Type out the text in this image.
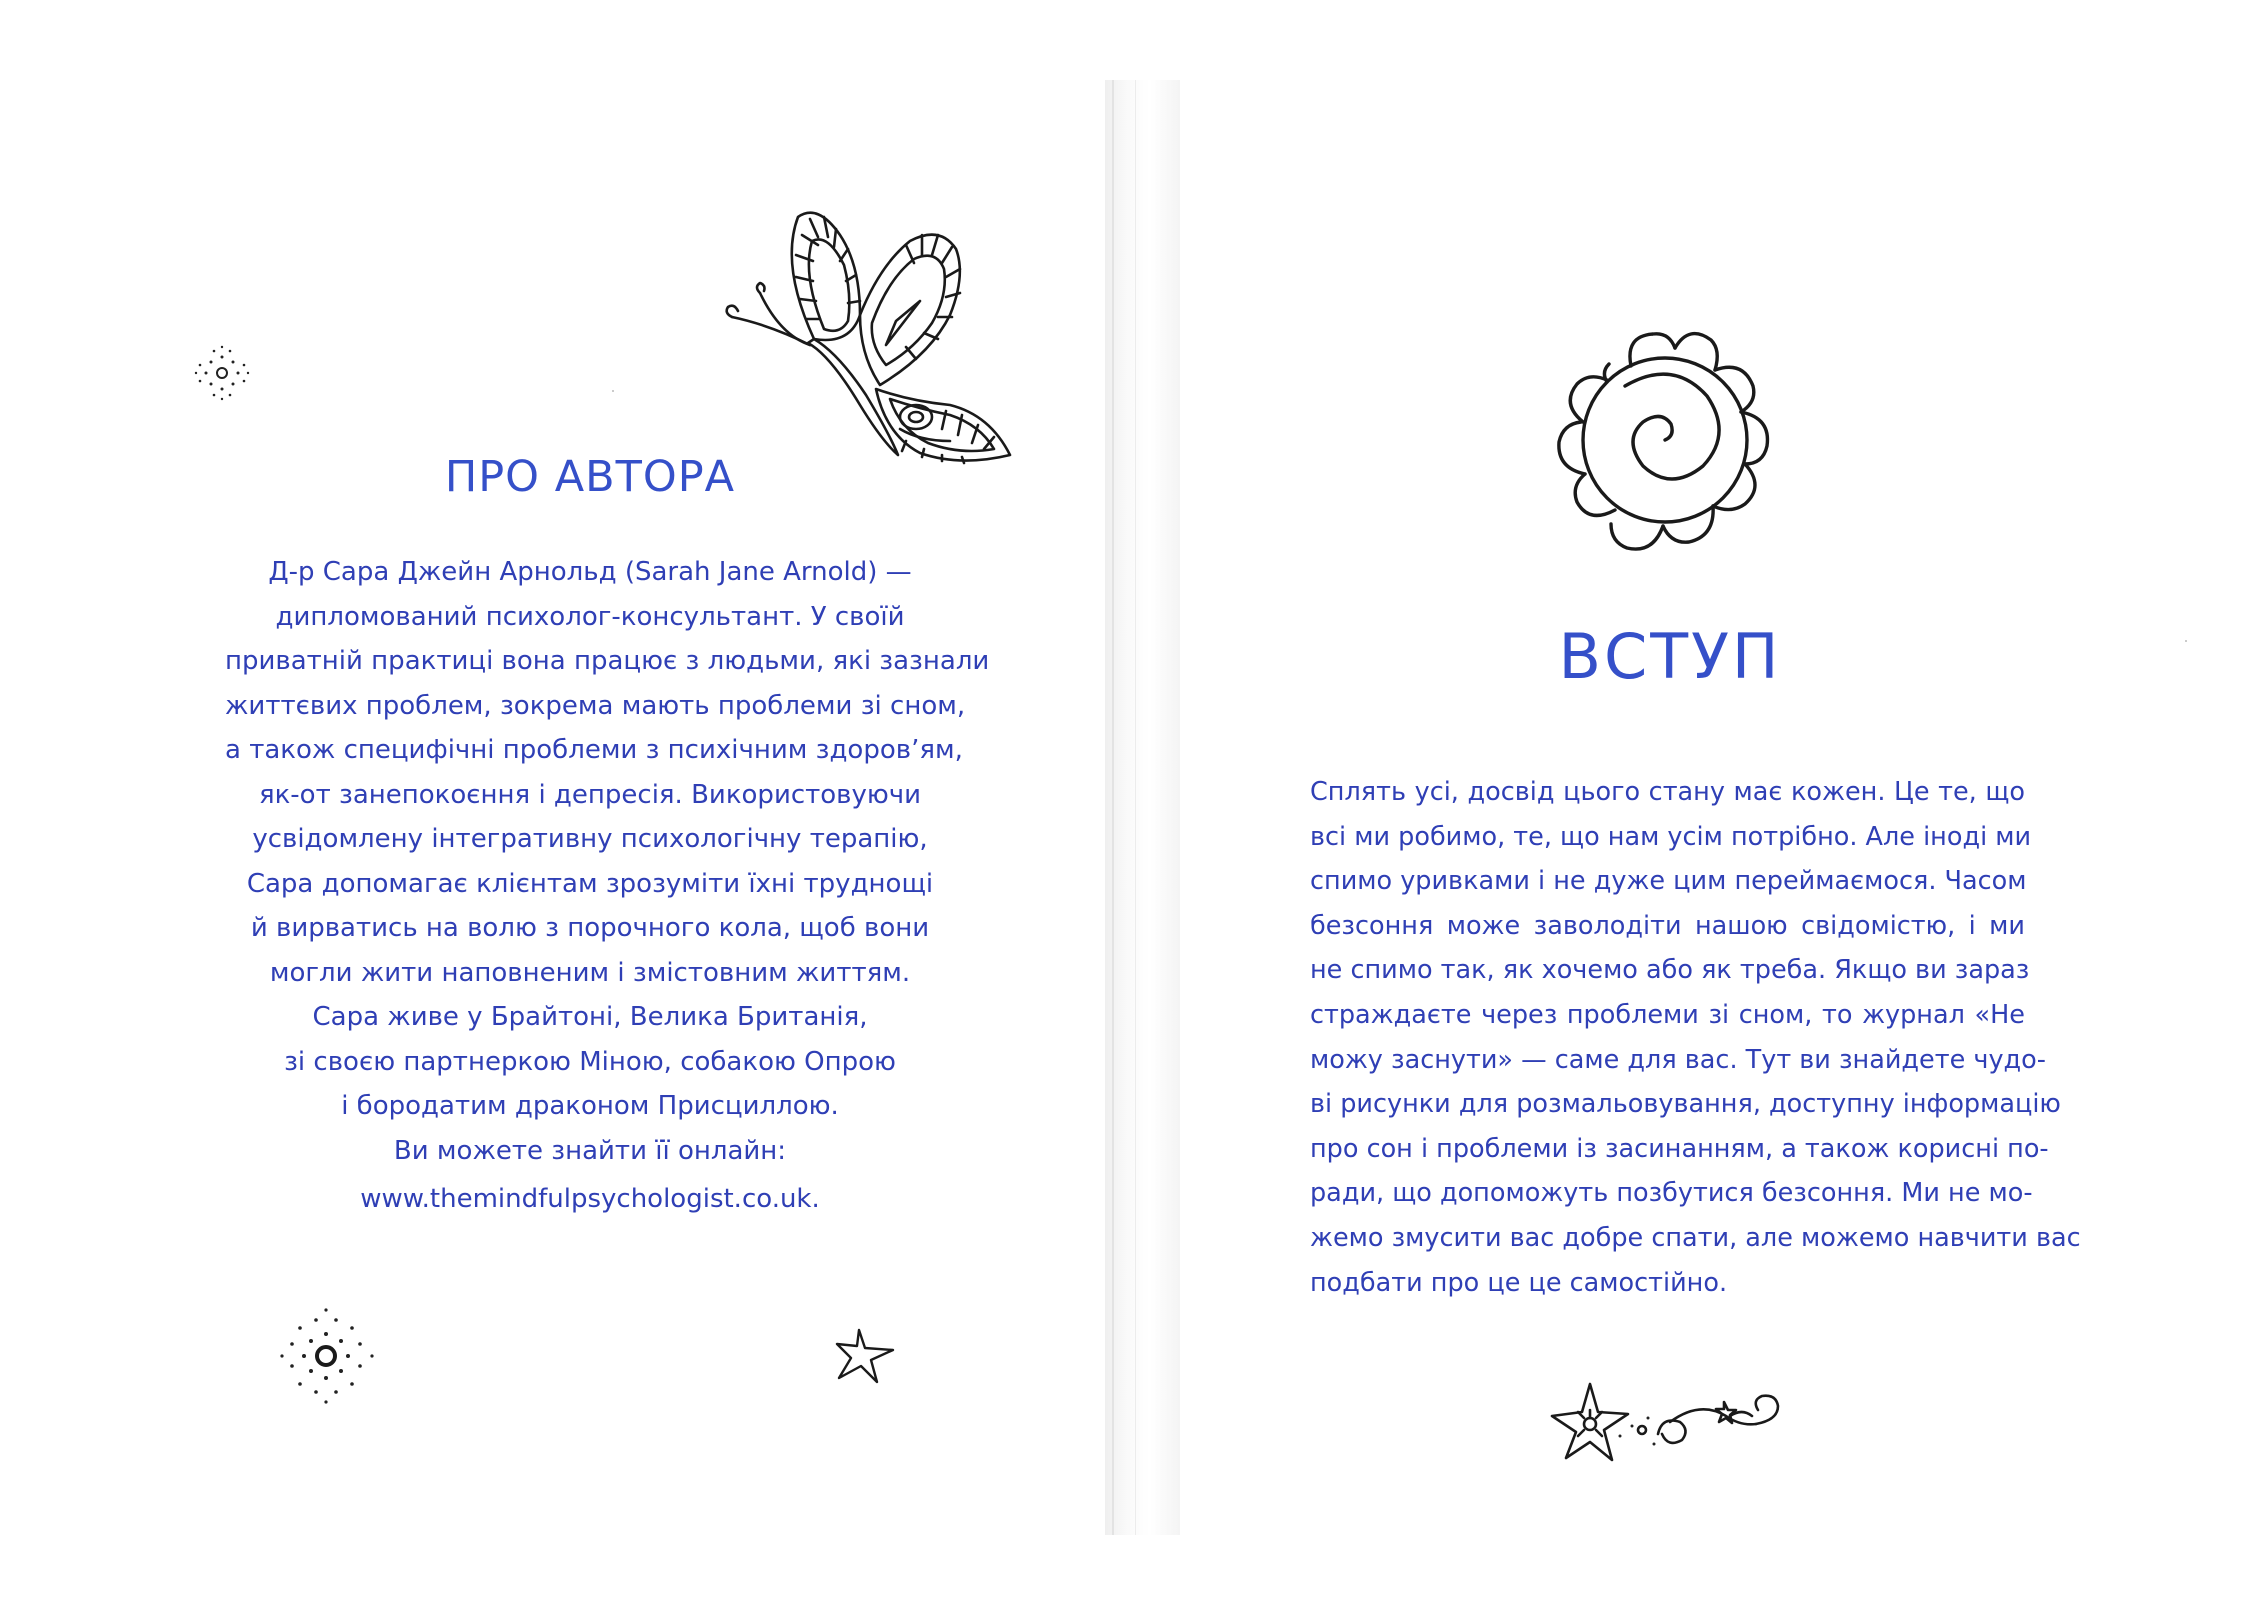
ПРО АВТОРА
Д-р Сара Джейн Арнольд (Sarah Jane Arnold) —
дипломований психолог-консультант. У своїй
приватній практиці вона працює з людьми, які зазнали
життєвих проблем, зокрема мають проблеми зі сном,
а також специфічні проблеми з психічним здоров’ям,
як-от занепокоєння і депресія. Використовуючи
усвідомлену інтегративну психологічну терапію,
Сара допомагає клієнтам зрозуміти їхні труднощі
й вирватись на волю з порочного кола, щоб вони
могли жити наповненим і змістовним життям.
Сара живе у Брайтоні, Велика Британія,
зі своєю партнеркою Міною, собакою Опрою
і бородатим драконом Присциллою.
Ви можете знайти її онлайн:
www.themindfulpsychologist.co.uk.
ВСТУП
Сплять усі, досвід цього стану має кожен. Це те, що
всі ми робимо, те, що нам усім потрібно. Але іноді ми
спимо уривками і не дуже цим переймаємося. Часом
безсоння може заволодіти нашою свідомістю, і ми
не спимо так, як хочемо або як треба. Якщо ви зараз
страждаєте через проблеми зі сном, то журнал «Не
можу заснути» — саме для вас. Тут ви знайдете чудо-
ві рисунки для розмальовування, доступну інформацію
про сон і проблеми із засинанням, а також корисні по-
ради, що допоможуть позбутися безсоння. Ми не мо-
жемо змусити вас добре спати, але можемо навчити вас
подбати про це це самостійно.
